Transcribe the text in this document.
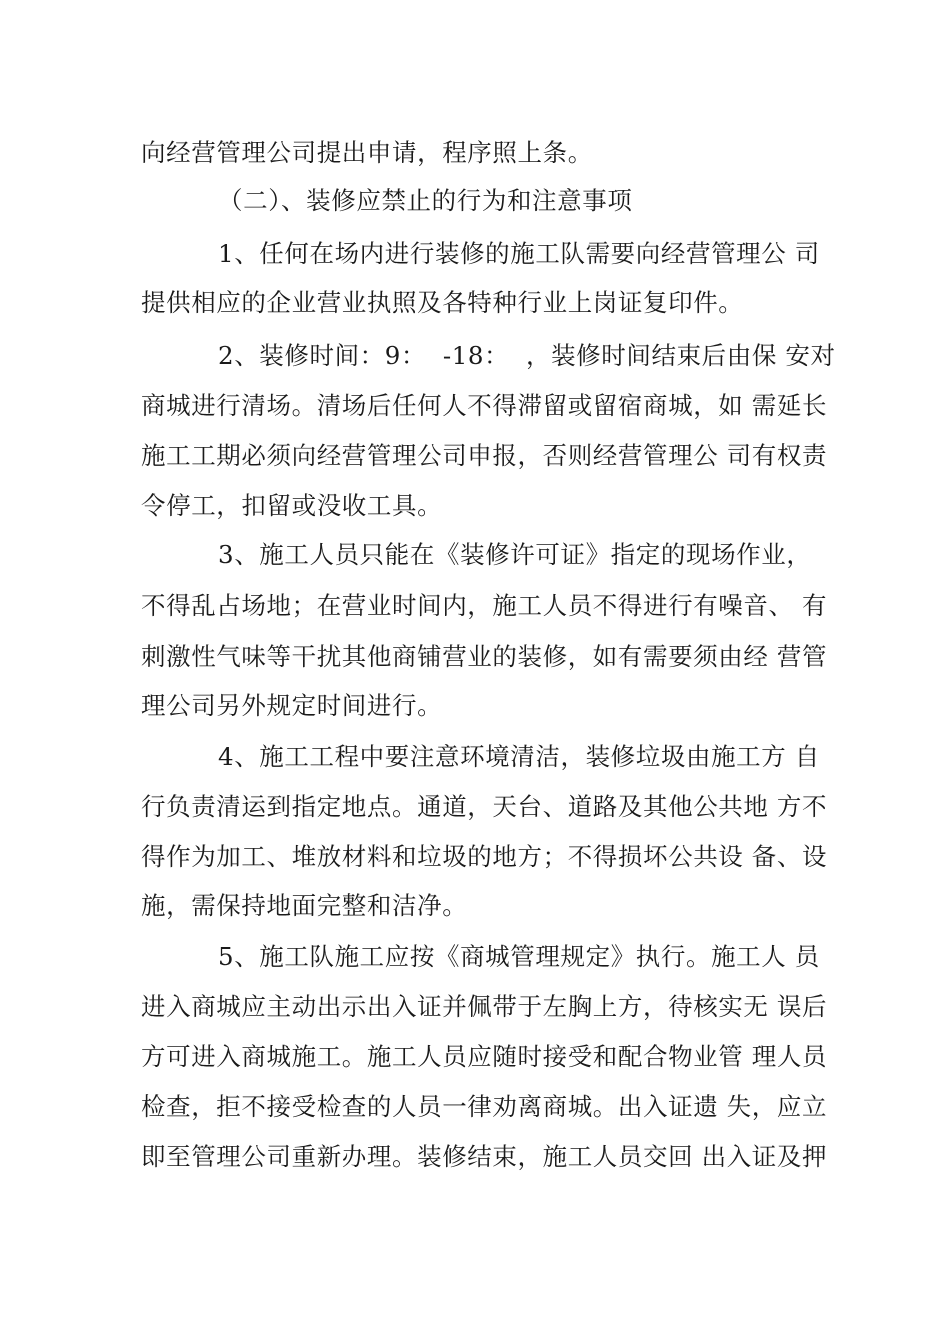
向经营管理公司提出申请，程序照上条。
（二）、装修应禁止的行为和注意事项
1、任何在场内进行装修的施工队需要向经营管理公 司
提供相应的企业营业执照及各特种行业上岗证复印件。
2、装修时间：9：  -18：  ，装修时间结束后由保 安对
商城进行清场。清场后任何人不得滞留或留宿商城，如 需延长
施工工期必须向经营管理公司申报，否则经营管理公 司有权责
令停工，扣留或没收工具。
3、施工人员只能在《装修许可证》指定的现场作业，
不得乱占场地；在营业时间内，施工人员不得进行有噪音、 有
刺激性气味等干扰其他商铺营业的装修，如有需要须由经 营管
理公司另外规定时间进行。
4、施工工程中要注意环境清洁，装修垃圾由施工方 自
行负责清运到指定地点。通道，天台、道路及其他公共地 方不
得作为加工、堆放材料和垃圾的地方；不得损坏公共设 备、设
施，需保持地面完整和洁净。
5、施工队施工应按《商城管理规定》执行。施工人 员
进入商城应主动出示出入证并佩带于左胸上方，待核实无 误后
方可进入商城施工。施工人员应随时接受和配合物业管 理人员
检查，拒不接受检查的人员一律劝离商城。出入证遗 失，应立
即至管理公司重新办理。装修结束，施工人员交回 出入证及押
